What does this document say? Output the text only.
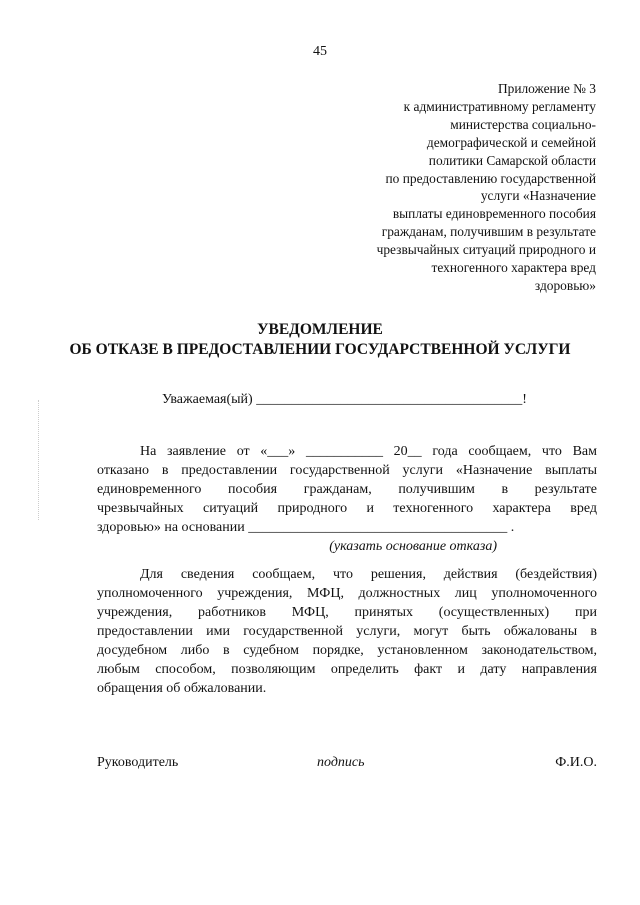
45
Приложение № 3
к административному регламенту
министерства социально-
демографической и семейной
политики Самарской области
по предоставлению государственной
услуги «Назначение
выплаты единовременного пособия
гражданам, получившим в результате
чрезвычайных ситуаций природного и
техногенного характера вред
здоровью»
УВЕДОМЛЕНИЕ
ОБ ОТКАЗЕ В ПРЕДОСТАВЛЕНИИ ГОСУДАРСТВЕННОЙ УСЛУГИ
Уважаемая(ый) ______________________________________!
На заявление от «___» ___________ 20__ года сообщаем, что Вам
отказано в предоставлении государственной услуги «Назначение выплаты
единовременного пособия гражданам, получившим в результате
чрезвычайных ситуаций природного и техногенного характера вред
здоровью» на основании _____________________________________ .
(указать основание отказа)
Для сведения сообщаем, что решения, действия (бездействия)
уполномоченного учреждения, МФЦ, должностных лиц уполномоченного
учреждения, работников МФЦ, принятых (осуществленных) при
предоставлении ими государственной услуги, могут быть обжалованы в
досудебном либо в судебном порядке, установленном законодательством,
любым способом, позволяющим определить факт и дату направления
обращения об обжаловании.
Руководитель	подпись	Ф.И.О.
